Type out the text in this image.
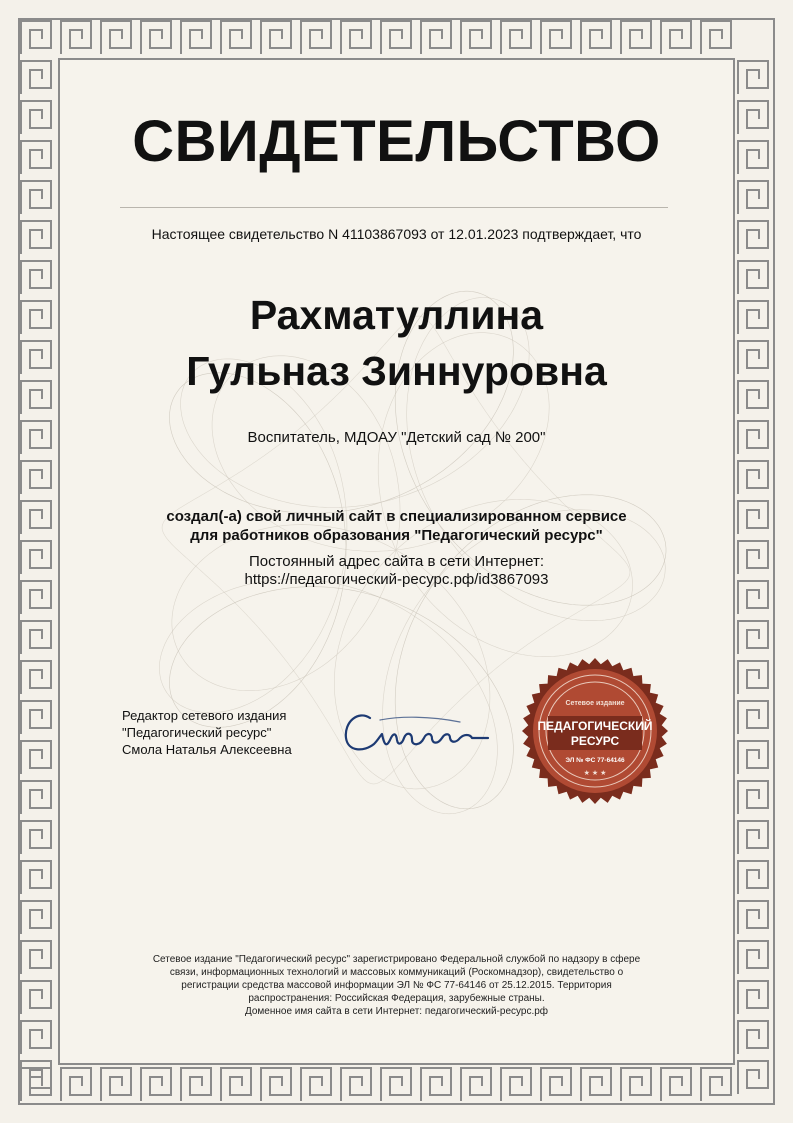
СВИДЕТЕЛЬСТВО
Настоящее свидетельство N 41103867093 от 12.01.2023 подтверждает, что
Рахматуллина
Гульназ Зиннуровна
Воспитатель, МДОАУ "Детский сад № 200"
создал(-а) свой личный сайт в специализированном сервисе
для работников образования "Педагогический ресурс"
Постоянный адрес сайта в сети Интернет:
https://педагогический-ресурс.рф/id3867093
Редактор сетевого издания
"Педагогический ресурс"
Смола Наталья Алексеевна
Сетевое издание
ПЕДАГОГИЧЕСКИЙ
РЕСУРС
ЭЛ № ФС 77-64146
★ ★ ★
Сетевое издание "Педагогический ресурс" зарегистрировано Федеральной службой по надзору в сфере
связи, информационных технологий и массовых коммуникаций (Роскомнадзор), свидетельство о
регистрации средства массовой информации ЭЛ № ФС 77-64146 от 25.12.2015. Территория
распространения: Российская Федерация, зарубежные страны.
Доменное имя сайта в сети Интернет: педагогический-ресурс.рф
